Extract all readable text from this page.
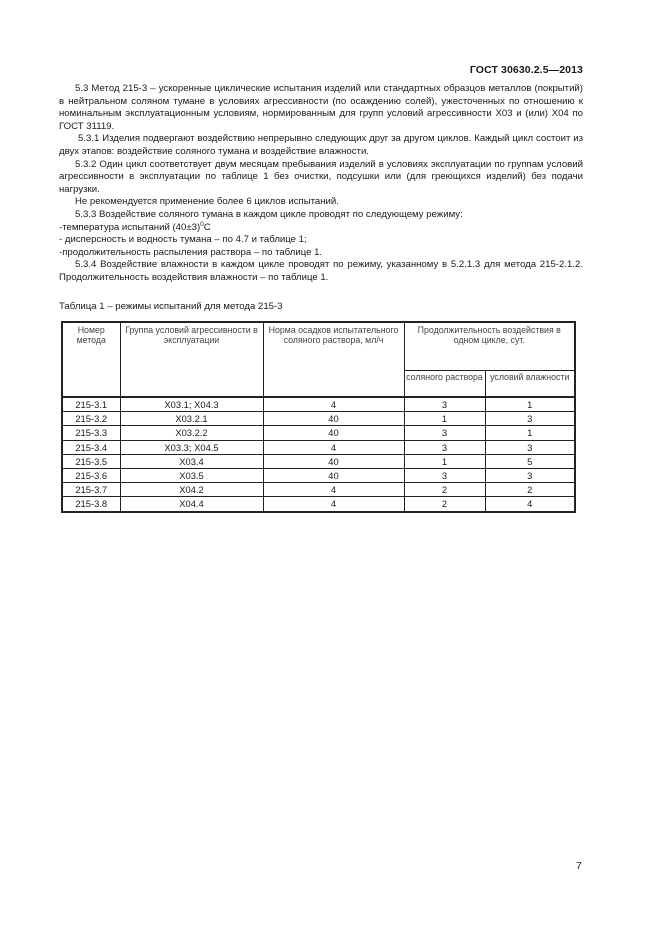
ГОСТ 30630.2.5—2013

5.3 Метод 215-3 – ускоренные циклические испытания изделий или стандартных образцов металлов (покрытий) в нейтральном соляном тумане в условиях агрессивности (по осаждению солей), ужесточенных по отношению к номинальным эксплуатационным условиям, нормированным для групп условий агрессивности Х03 и (или) Х04 по ГОСТ 31119.

5.3.1 Изделия подвергают воздействию непрерывно следующих друг за другом циклов. Каждый цикл состоит из двух этапов: воздействие соляного тумана и воздействие влажности.

5.3.2 Один цикл соответствует двум месяцам пребывания изделий в условиях эксплуатации по группам условий агрессивности в эксплуатации по таблице 1 без очистки, подсушки или (для греющихся изделий) без подачи нагрузки.

Не рекомендуется применение более 6 циклов испытаний.

5.3.3 Воздействие соляного тумана в каждом цикле проводят по следующему режиму:

-температура испытаний $(40\pm 3)^0С$

- дисперсность и водность тумана – по 4.7 и таблице 1;

-продолжительность распыления раствора – по таблице 1.

5.3.4 Воздействие влажности в каждом цикле проводят по режиму, указанному в 5.2.1.3 для метода 215-2.1.2. Продолжительность воздействия влажности – по таблице 1.

Таблица 1 – режимы испытаний для метода 215-3
Номер метода	Группа условий агрессивности в эксплуатации	Норма осадков испытательного соляного раствора, мл/ч	Продолжительность воздействия в одном цикле, сут.	
			соляного раствора	условий влажности
215-3.1	Х03.1; Х04.3	4	3	1
215-3.2	Х03.2.1	40	1	3
215-3.3	Х03.2.2	40	3	1
215-3.4	Х03.3; Х04.5	4	3	3
215-3.5	Х03.4	40	1	5
215-3.6	Х03.5	40	3	3
215-3.7	Х04.2	4	2	2
215-3.8	Х04.4	4	2	4
7
